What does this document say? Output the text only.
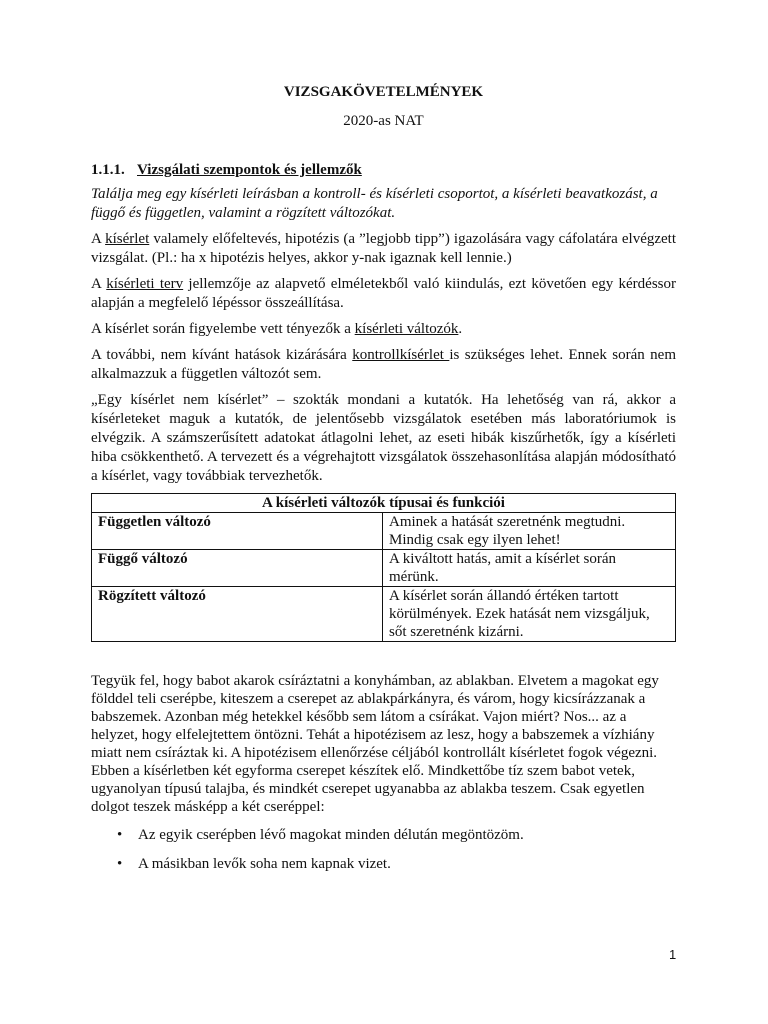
VIZSGAKÖVETELMÉNYEK
2020-as NAT
1.1.1. Vizsgálati szempontok és jellemzők

Találja meg egy kísérleti leírásban a kontroll- és kísérleti csoportot, a kísérleti beavatkozást, a függő és független, valamint a rögzített változókat.

A kísérlet valamely előfeltevés, hipotézis (a ”legjobb tipp”) igazolására vagy cáfolatára elvégzett vizsgálat. (Pl.: ha x hipotézis helyes, akkor y-nak igaznak kell lennie.)

A kísérleti terv jellemzője az alapvető elméletekből való kiindulás, ezt követően egy kérdéssor alapján a megfelelő lépéssor összeállítása.

A kísérlet során figyelembe vett tényezők a kísérleti változók.

A további, nem kívánt hatások kizárására kontrollkísérlet is szükséges lehet. Ennek során nem alkalmazzuk a független változót sem.

„Egy kísérlet nem kísérlet” – szokták mondani a kutatók. Ha lehetőség van rá, akkor a kísérleteket maguk a kutatók, de jelentősebb vizsgálatok esetében más laboratóriumok is elvégzik. A számszerűsített adatokat átlagolni lehet, az eseti hibák kiszűrhetők, így a kísérleti hiba csökkenthető. A tervezett és a végrehajtott vizsgálatok összehasonlítása alapján módosítható a kísérlet, vagy továbbiak tervezhetők.

A kísérleti változók típusai és funkciói	
Független változó	Aminek a hatását szeretnénk megtudni. Mindig csak egy ilyen lehet!
Függő változó	A kiváltott hatás, amit a kísérlet során mérünk.
Rögzített változó	A kísérlet során állandó értéken tartott körülmények. Ezek hatását nem vizsgáljuk, sőt szeretnénk kizárni.

Tegyük fel, hogy babot akarok csíráztatni a konyhámban, az ablakban. Elvetem a magokat egy földdel teli cserépbe, kiteszem a cserepet az ablakpárkányra, és várom, hogy kicsírázzanak a babszemek. Azonban még hetekkel később sem látom a csírákat. Vajon miért? Nos... az a helyzet, hogy elfelejtettem öntözni. Tehát a hipotézisem az lesz, hogy a babszemek a vízhiány miatt nem csíráztak ki. A hipotézisem ellenőrzése céljából kontrollált kísérletet fogok végezni. Ebben a kísérletben két egyforma cserepet készítek elő. Mindkettőbe tíz szem babot vetek, ugyanolyan típusú talajba, és mindkét cserepet ugyanabba az ablakba teszem. Csak egyetlen dolgot teszek másképp a két cseréppel:

• Az egyik cserépben lévő magokat minden délután megöntözöm.
• A másikban levők soha nem kapnak vizet.
1
